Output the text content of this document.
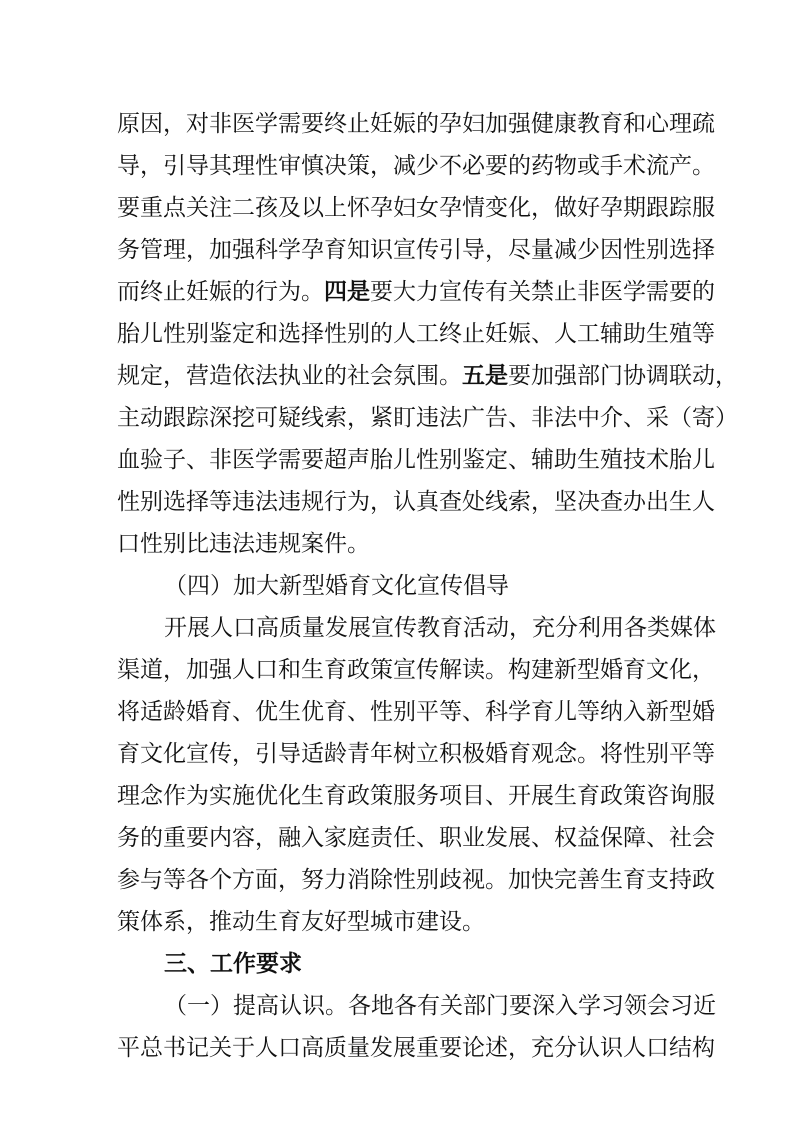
原因，对非医学需要终止妊娠的孕妇加强健康教育和心理疏
导，引导其理性审慎决策，减少不必要的药物或手术流产。
要重点关注二孩及以上怀孕妇女孕情变化，做好孕期跟踪服
务管理，加强科学孕育知识宣传引导，尽量减少因性别选择
而终止妊娠的行为。四是要大力宣传有关禁止非医学需要的
胎儿性别鉴定和选择性别的人工终止妊娠、人工辅助生殖等
规定，营造依法执业的社会氛围。五是要加强部门协调联动，
主动跟踪深挖可疑线索，紧盯违法广告、非法中介、采（寄）
血验子、非医学需要超声胎儿性别鉴定、辅助生殖技术胎儿
性别选择等违法违规行为，认真查处线索，坚决查办出生人
口性别比违法违规案件。
（四）加大新型婚育文化宣传倡导
开展人口高质量发展宣传教育活动，充分利用各类媒体
渠道，加强人口和生育政策宣传解读。构建新型婚育文化，
将适龄婚育、优生优育、性别平等、科学育儿等纳入新型婚
育文化宣传，引导适龄青年树立积极婚育观念。将性别平等
理念作为实施优化生育政策服务项目、开展生育政策咨询服
务的重要内容，融入家庭责任、职业发展、权益保障、社会
参与等各个方面，努力消除性别歧视。加快完善生育支持政
策体系，推动生育友好型城市建设。
三、工作要求
（一）提高认识。各地各有关部门要深入学习领会习近
平总书记关于人口高质量发展重要论述，充分认识人口结构
